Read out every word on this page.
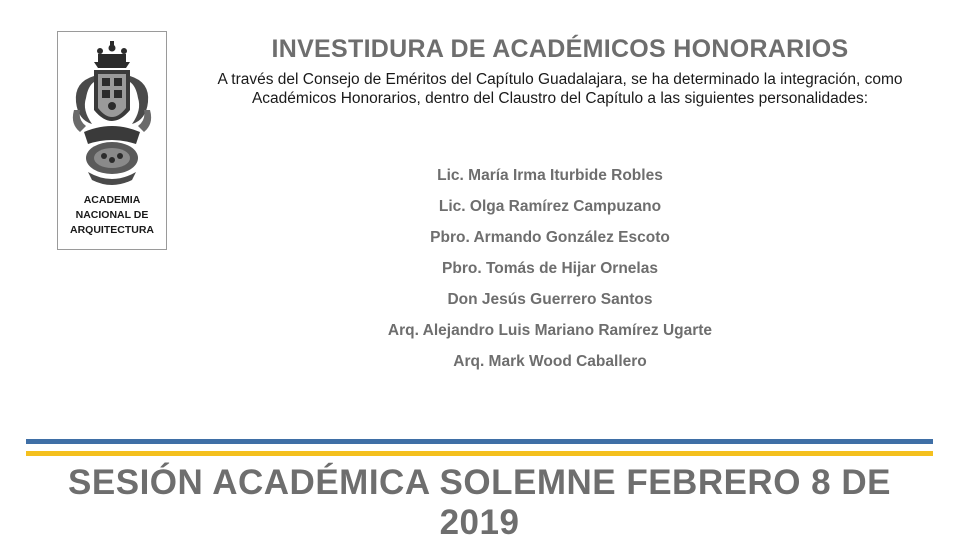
ACADEMIA
NACIONAL DE
ARQUITECTURA
INVESTIDURA DE ACADÉMICOS HONORARIOS
A través del Consejo de Eméritos del Capítulo Guadalajara, se ha determinado la integración, como Académicos Honorarios, dentro del Claustro del Capítulo a las siguientes personalidades:
Lic. María Irma Iturbide Robles
Lic. Olga Ramírez Campuzano
Pbro. Armando González Escoto
Pbro. Tomás de Hijar Ornelas
Don Jesús Guerrero Santos
Arq. Alejandro Luis Mariano Ramírez Ugarte
Arq. Mark Wood Caballero
SESIÓN ACADÉMICA SOLEMNE FEBRERO 8 DE 2019
